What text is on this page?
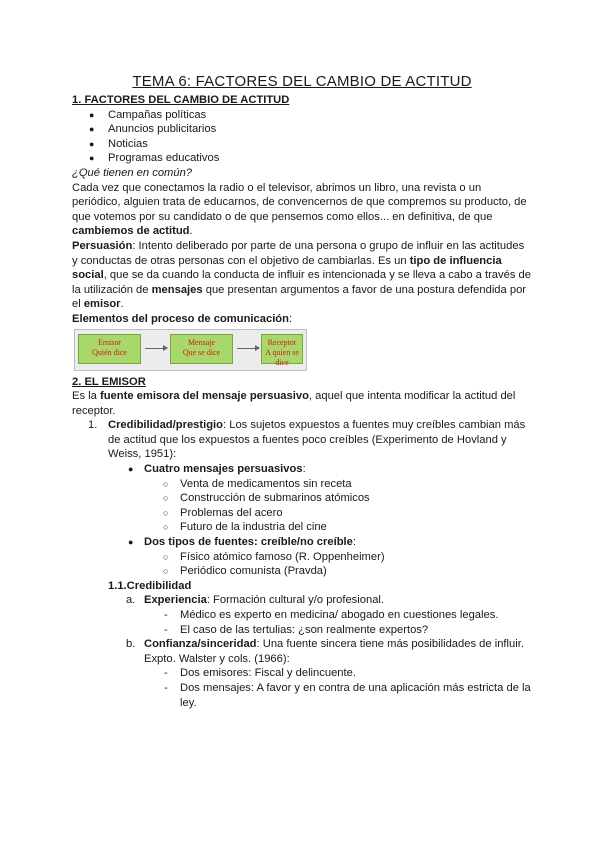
TEMA 6: FACTORES DEL CAMBIO DE ACTITUD
1. FACTORES DEL CAMBIO DE ACTITUD
● Campañas políticas
● Anuncios publicitarios
● Noticias
● Programas educativos

¿Qué tienen en común?

Cada vez que conectamos la radio o el televisor, abrimos un libro, una revista o un periódico, alguien trata de educarnos, de convencernos de que compremos su producto, de que votemos por su candidato o de que pensemos como ellos... en definitiva, de que cambiemos de actitud.

Persuasión: Intento deliberado por parte de una persona o grupo de influir en las actitudes y conductas de otras personas con el objetivo de cambiarlas. Es un tipo de influencia social, que se da cuando la conducta de influir es intencionada y se lleva a cabo a través de la utilización de mensajes que presentan argumentos a favor de una postura defendida por el emisor.

Elementos del proceso de comunicación:

Emisor
Quién dice
Mensaje
Que se dice
Receptor
A quien se dice
2. EL EMISOR

Es la fuente emisora del mensaje persuasivo, aquel que intenta modificar la actitud del receptor.

1. Credibilidad/prestigio: Los sujetos expuestos a fuentes muy creíbles cambian más de actitud que los expuestos a fuentes poco creíbles (Experimento de Hovland y Weiss, 1951):
● Cuatro mensajes persuasivos:
○ Venta de medicamentos sin receta
○ Construcción de submarinos atómicos
○ Problemas del acero
○ Futuro de la industria del cine
● Dos tipos de fuentes: creíble/no creíble:
○ Físico atómico famoso (R. Oppenheimer)
○ Periódico comunista (Pravda)
1.1.Credibilidad
a. Experiencia: Formación cultural y/o profesional.
- Médico es experto en medicina/ abogado en cuestiones legales.
- El caso de las tertulias: ¿son realmente expertos?
b. Confianza/sinceridad: Una fuente sincera tiene más posibilidades de influir. Expto. Walster y cols. (1966):
- Dos emisores: Fiscal y delincuente.
- Dos mensajes: A favor y en contra de una aplicación más estricta de la ley.
